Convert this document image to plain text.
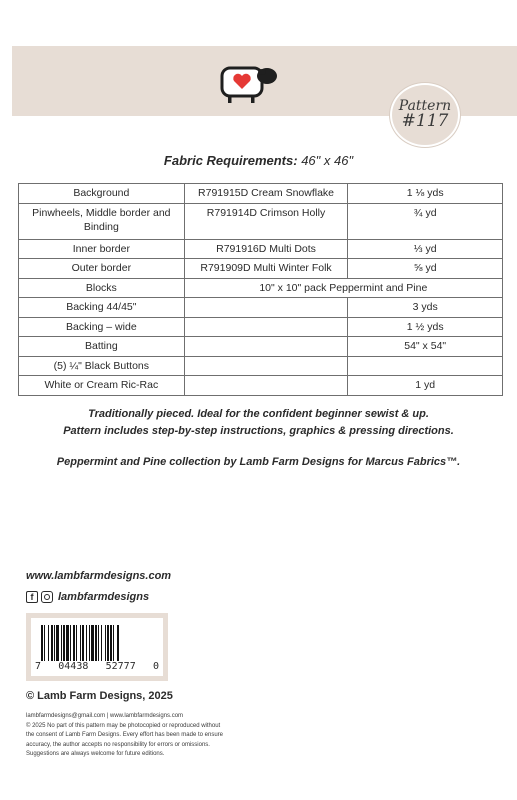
Pattern
#117
Fabric Requirements: 46" x 46"
Background	R791915D Cream Snowflake	1 ⅛ yds
Pinwheels, Middle border and Binding	R791914D Crimson Holly	¾ yd
Inner border	R791916D Multi Dots	⅓ yd
Outer border	R791909D Multi Winter Folk	⅝ yd
Blocks	10" x 10" pack Peppermint and Pine	
Backing 44/45"		3 yds
Backing – wide		1 ½ yds
Batting		54" x 54"
(5) ¼" Black Buttons		
White or Cream Ric-Rac		1 yd
Traditionally pieced. Ideal for the confident beginner sewist & up.
Pattern includes step-by-step instructions, graphics & pressing directions.
Peppermint and Pine collection by Lamb Farm Designs for Marcus Fabrics™.
www.lambfarmdesigns.com
f	lambfarmdesigns
7 04438 52777 0
© Lamb Farm Designs, 2025
lambfarmdesigns@gmail.com | www.lambfarmdesigns.com
© 2025 No part of this pattern may be photocopied or reproduced without
the consent of Lamb Farm Designs. Every effort has been made to ensure
accuracy, the author accepts no responsibility for errors or omissions.
Suggestions are always welcome for future editions.
